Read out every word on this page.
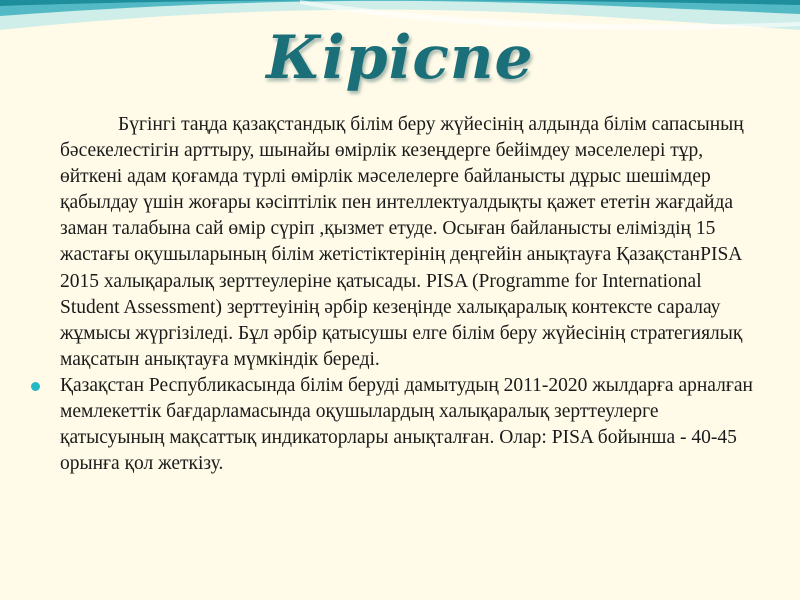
Кіріспе

Бүгінгі таңда қазақстандық білім беру жүйесінің алдында білім сапасының бәсекелестігін арттыру, шынайы өмірлік кезеңдерге бейімдеу мәселелері тұр, өйткені адам қоғамда түрлі өмірлік мәселелерге байланысты дұрыс шешімдер қабылдау үшін жоғары кәсіптілік пен интеллектуалдықты қажет ететін жағдайда заман талабына сай өмір сүріп ,қызмет етуде. Осыған байланысты еліміздің 15 жастағы оқушыларының білім жетістіктерінің деңгейін анықтауға ҚазақстанPISA 2015 халықаралық зерттеулеріне қатысады. PISA (Programme for International Student Assessment) зерттеуінің әрбір кезеңінде халықаралық контексте саралау жұмысы жүргізіледі. Бұл әрбір қатысушы елге білім беру жүйесінің стратегиялық мақсатын анықтауға мүмкіндік береді.

Қазақстан Республикасында білім беруді дамытудың 2011-2020 жылдарға арналған мемлекеттік бағдарламасында оқушылардың халықаралық зерттеулерге қатысуының мақсаттық индикаторлары анықталған. Олар: PISA бойынша - 40-45 орынға қол жеткізу.
